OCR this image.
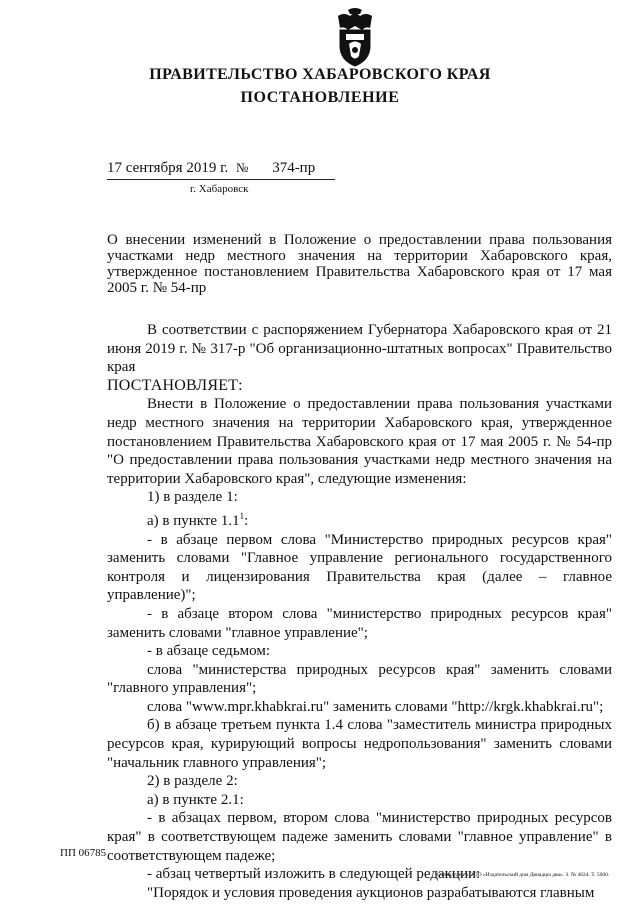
ПРАВИТЕЛЬСТВО ХАБАРОВСКОГО КРАЯ
ПОСТАНОВЛЕНИЕ
17 сентября 2019 г. № 374-пр
г. Хабаровск
О внесении изменений в Положение о предоставлении права пользования участками недр местного значения на территории Хабаровского края, утвержденное постановлением Правительства Хабаровского края от 17 мая 2005 г. № 54-пр

В соответствии с распоряжением Губернатора Хабаровского края от 21 июня 2019 г. № 317-р "Об организационно-штатных вопросах" Правительство края

ПОСТАНОВЛЯЕТ:

Внести в Положение о предоставлении права пользования участками недр местного значения на территории Хабаровского края, утвержденное постановлением Правительства Хабаровского края от 17 мая 2005 г. № 54-пр "О предоставлении права пользования участками недр местного значения на территории Хабаровского края", следующие изменения:

1) в разделе 1:

а) в пункте $1.1^1$:

- в абзаце первом слова "Министерство природных ресурсов края" заменить словами "Главное управление регионального государственного контроля и лицензирования Правительства края (далее – главное управление)";

- в абзаце втором слова "министерство природных ресурсов края" заменить словами "главное управление";

- в абзаце седьмом:

слова "министерства природных ресурсов края" заменить словами "главного управления";

слова "www.mpr.khabkrai.ru" заменить словами "http://krgk.khabkrai.ru";

б) в абзаце третьем пункта 1.4 слова "заместитель министра природных ресурсов края, курирующий вопросы недропользования" заменить словами "начальник главного управления";

2) в разделе 2:

а) в пункте 2.1:

- в абзацах первом, втором слова "министерство природных ресурсов края" в соответствующем падеже заменить словами "главное управление" в соответствующем падеже;

- абзац четвертый изложить в следующей редакции:

"Порядок и условия проведения аукционов разрабатываются главным

ПП 06785
Отпечатано в ООО «Издательский дом Двиадцы два». З. № 4624. Т. 5000.
